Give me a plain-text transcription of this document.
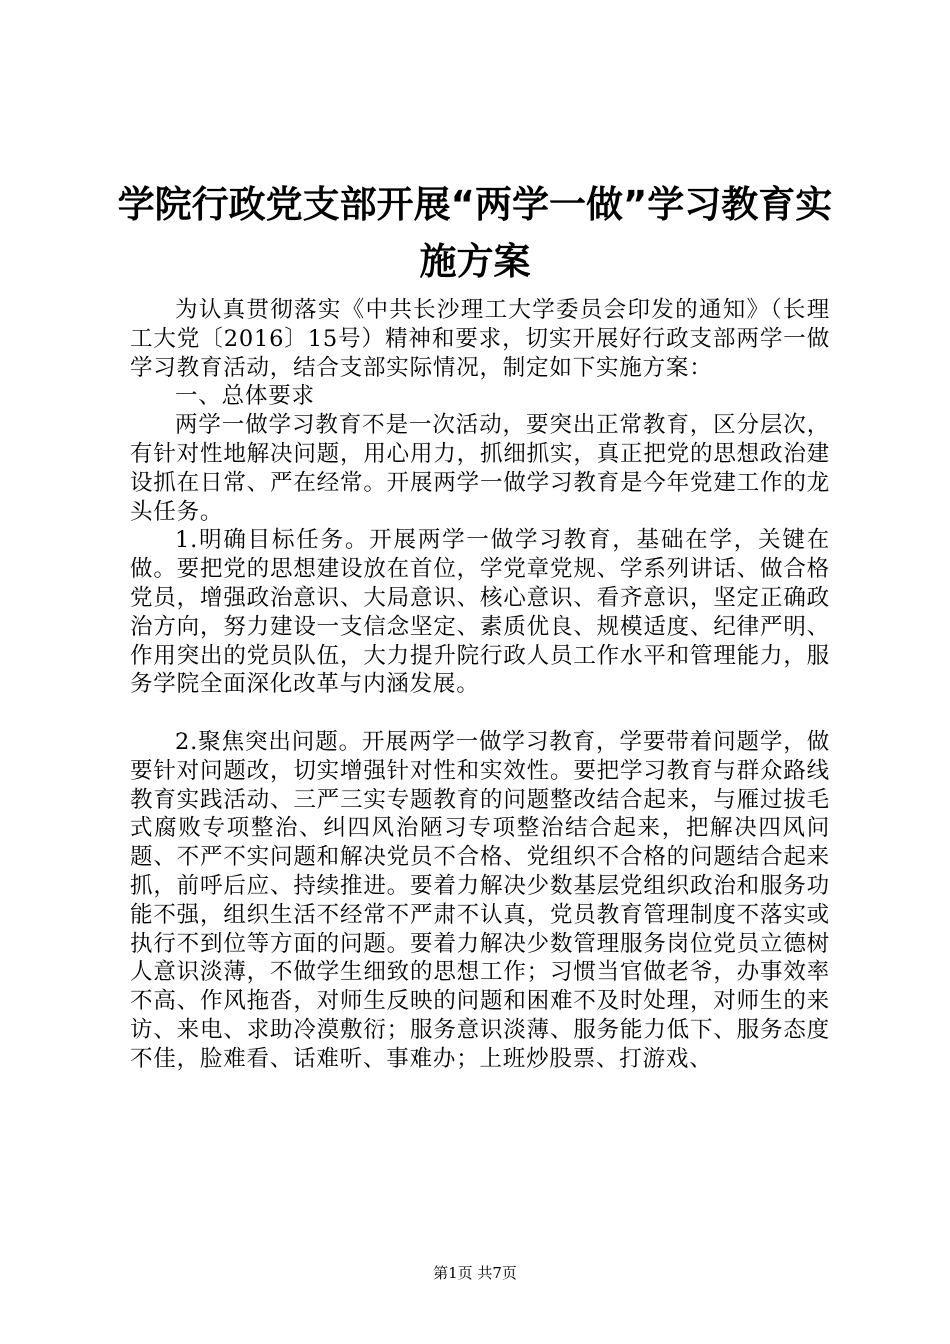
学院行政党支部开展“两学一做”学习教育实
施方案

为认真贯彻落实《中共长沙理工大学委员会印发的通知》（长理工大党〔2016〕15号）精神和要求，切实开展好行政支部两学一做学习教育活动，结合支部实际情况，制定如下实施方案：

一、总体要求

两学一做学习教育不是一次活动，要突出正常教育，区分层次，有针对性地解决问题，用心用力，抓细抓实，真正把党的思想政治建设抓在日常、严在经常。开展两学一做学习教育是今年党建工作的龙头任务。

1.明确目标任务。开展两学一做学习教育，基础在学，关键在做。要把党的思想建设放在首位，学党章党规、学系列讲话、做合格党员，增强政治意识、大局意识、核心意识、看齐意识，坚定正确政治方向，努力建设一支信念坚定、素质优良、规模适度、纪律严明、作用突出的党员队伍，大力提升院行政人员工作水平和管理能力，服务学院全面深化改革与内涵发展。

2.聚焦突出问题。开展两学一做学习教育，学要带着问题学，做要针对问题改，切实增强针对性和实效性。要把学习教育与群众路线教育实践活动、三严三实专题教育的问题整改结合起来，与雁过拔毛式腐败专项整治、纠四风治陋习专项整治结合起来，把解决四风问题、不严不实问题和解决党员不合格、党组织不合格的问题结合起来抓，前呼后应、持续推进。要着力解决少数基层党组织政治和服务功能不强，组织生活不经常不严肃不认真，党员教育管理制度不落实或执行不到位等方面的问题。要着力解决少数管理服务岗位党员立德树人意识淡薄，不做学生细致的思想工作；习惯当官做老爷，办事效率不高、作风拖沓，对师生反映的问题和困难不及时处理，对师生的来访、来电、求助冷漠敷衍；服务意识淡薄、服务能力低下、服务态度不佳，脸难看、话难听、事难办；上班炒股票、打游戏、

第1页 共7页
